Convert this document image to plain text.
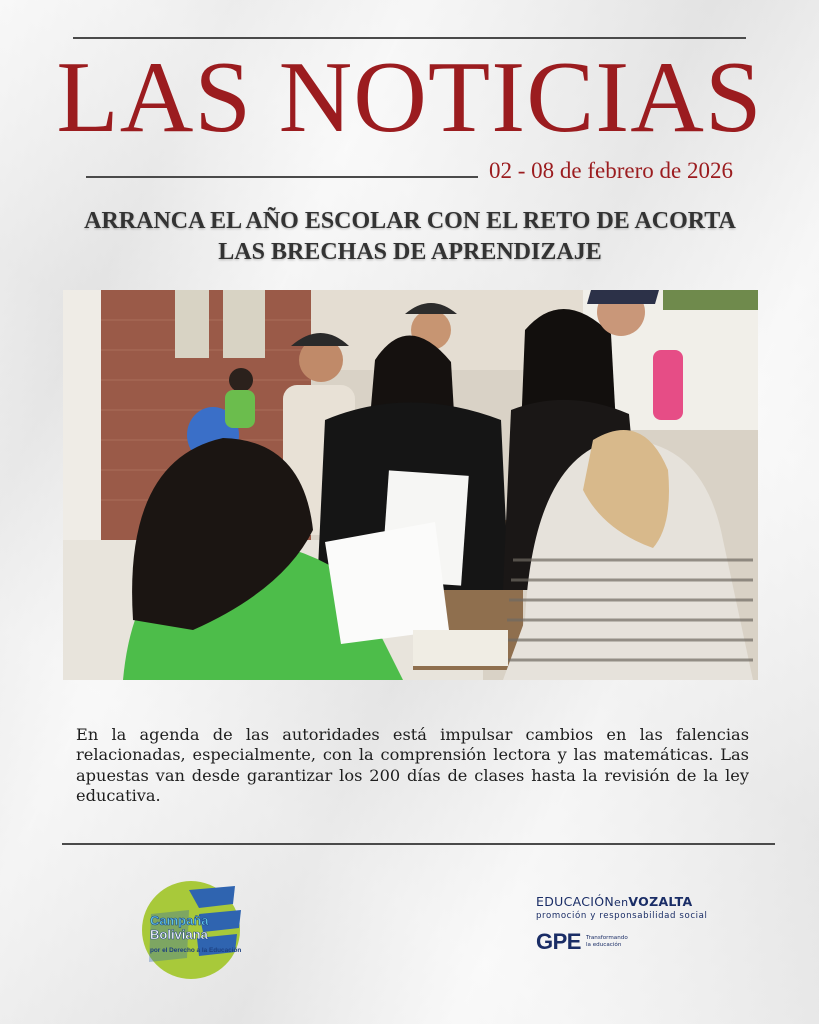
LAS NOTICIAS
02 - 08 de febrero de 2026
ARRANCA EL AÑO ESCOLAR CON EL RETO DE ACORTA LAS BRECHAS DE APRENDIZAJE

En la agenda de las autoridades está impulsar cambios en las falencias relacionadas, especialmente, con la comprensión lectora y las matemáticas. Las apuestas van desde garantizar los 200 días de clases hasta la revisión de la ley educativa.

Campaña
Boliviana
por el Derecho a la Educación
EDUCACIÓNenVOZALTA
promoción y responsabilidad social
GPE Transformando la educación
